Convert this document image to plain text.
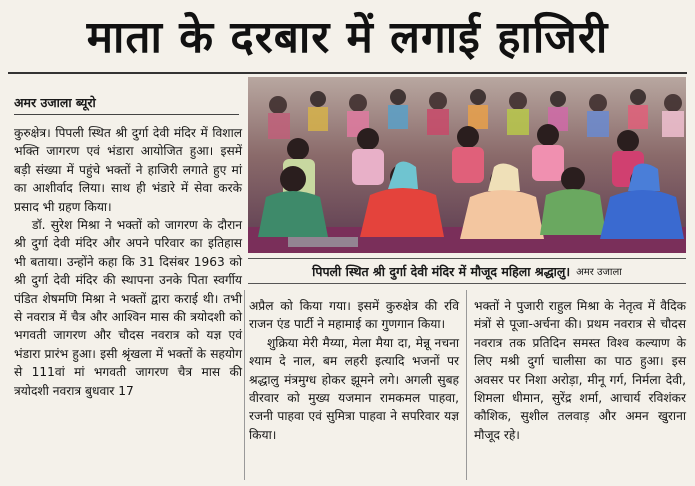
माता के दरबार में लगाई हाजिरी
अमर उजाला ब्यूरो

कुरुक्षेत्र। पिपली स्थित श्री दुर्गा देवी मंदिर में विशाल भक्ति जागरण एवं भंडारा आयोजित हुआ। इसमें बड़ी संख्या में पहुंचे भक्तों ने हाजिरी लगाते हुए मां का आशीर्वाद लिया। साथ ही भंडारे में सेवा करके प्रसाद भी ग्रहण किया।

डॉ. सुरेश मिश्रा ने भक्तों को जागरण के दौरान श्री दुर्गा देवी मंदिर और अपने परिवार का इतिहास भी बताया। उन्होंने कहा कि 31 दिसंबर 1963 को श्री दुर्गा देवी मंदिर की स्थापना उनके पिता स्वर्गीय पंडित शेषमणि मिश्रा ने भक्तों द्वारा कराई थी। तभी से नवरात्र में चैत्र और आश्विन मास की त्रयोदशी को भगवती जागरण और चौदस नवरात्र को यज्ञ एवं भंडारा प्रारंभ हुआ। इसी श्रृंखला में भक्तों के सहयोग से 111वां मां भगवती जागरण चैत्र मास की त्रयोदशी नवरात्र बुधवार 17

पिपली स्थित श्री दुर्गा देवी मंदिर में मौजूद महिला श्रद्धालु। अमर उजाला

अप्रैल को किया गया। इसमें कुरुक्षेत्र की रवि राजन एंड पार्टी ने महामाई का गुणगान किया।

शुक्रिया मेरी मैय्या, मेला मैया दा, मेन्नू नचना श्याम दे नाल, बम लहरी इत्यादि भजनों पर श्रद्धालु मंत्रमुग्ध होकर झूमने लगे। अगली सुबह वीरवार को मुख्य यजमान रामकमल पाहवा, रजनी पाहवा एवं सुमित्रा पाहवा ने सपरिवार यज्ञ किया।

भक्तों ने पुजारी राहुल मिश्रा के नेतृत्व में वैदिक मंत्रों से पूजा-अर्चना की। प्रथम नवरात्र से चौदस नवरात्र तक प्रतिदिन समस्त विश्व कल्याण के लिए मश्री दुर्गा चालीसा का पाठ हुआ। इस अवसर पर निशा अरोड़ा, मीनू गर्ग, निर्मला देवी, शिमला धीमान, सुरेंद्र शर्मा, आचार्य रविशंकर कौशिक, सुशील तलवाड़ और अमन खुराना मौजूद रहे।
